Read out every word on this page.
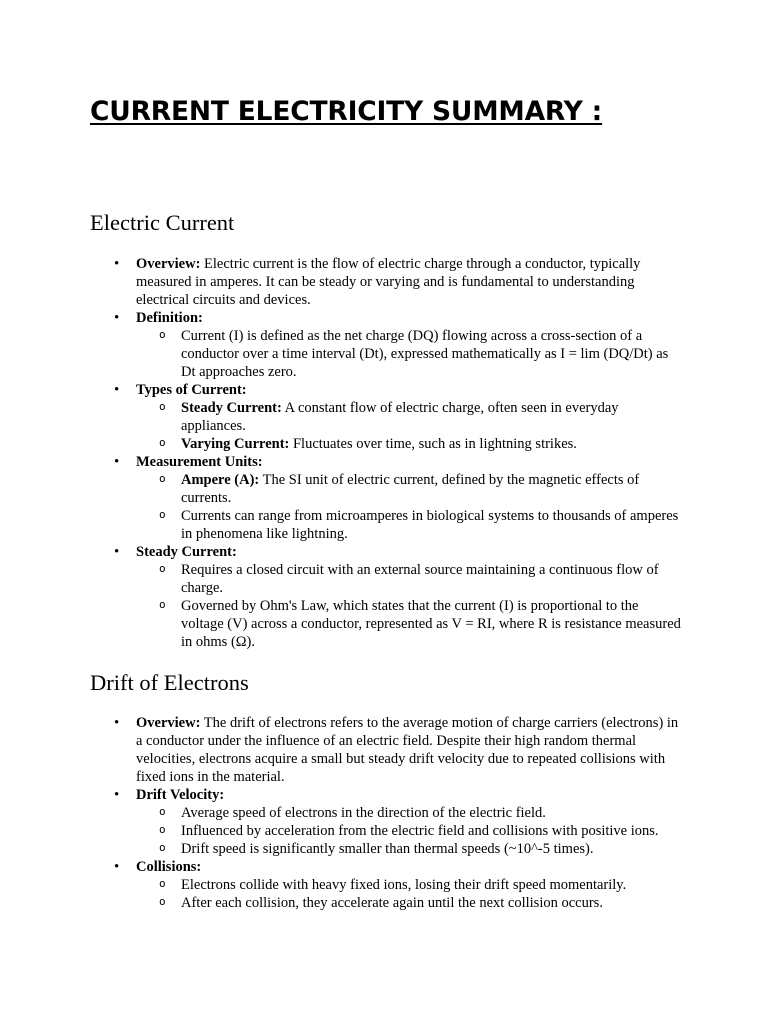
CURRENT ELECTRICITY SUMMARY :
Electric Current
• Overview: Electric current is the flow of electric charge through a conductor, typically measured in amperes. It can be steady or varying and is fundamental to understanding electrical circuits and devices.
• Definition:
o Current (I) is defined as the net charge (DQ) flowing across a cross-section of a conductor over a time interval (Dt), expressed mathematically as I = lim (DQ/Dt) as Dt approaches zero.
• Types of Current:
o Steady Current: A constant flow of electric charge, often seen in everyday appliances.
o Varying Current: Fluctuates over time, such as in lightning strikes.
• Measurement Units:
o Ampere (A): The SI unit of electric current, defined by the magnetic effects of currents.
o Currents can range from microamperes in biological systems to thousands of amperes in phenomena like lightning.
• Steady Current:
o Requires a closed circuit with an external source maintaining a continuous flow of charge.
o Governed by Ohm's Law, which states that the current (I) is proportional to the voltage (V) across a conductor, represented as V = RI, where R is resistance measured in ohms (Ω).
Drift of Electrons
• Overview: The drift of electrons refers to the average motion of charge carriers (electrons) in a conductor under the influence of an electric field. Despite their high random thermal velocities, electrons acquire a small but steady drift velocity due to repeated collisions with fixed ions in the material.
• Drift Velocity:
o Average speed of electrons in the direction of the electric field.
o Influenced by acceleration from the electric field and collisions with positive ions.
o Drift speed is significantly smaller than thermal speeds (~10^-5 times).
• Collisions:
o Electrons collide with heavy fixed ions, losing their drift speed momentarily.
o After each collision, they accelerate again until the next collision occurs.
